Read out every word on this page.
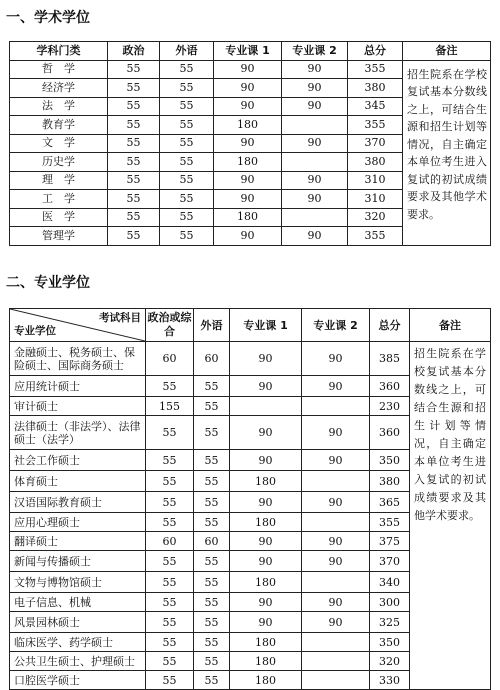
一、学术学位
学科门类	政治	外语	专业课 1	专业课 2	总分	备注
哲　学	55	55	90	90	355	招生院系在学校复试基本分数线之上，可结合生源和招生计划等情况，自主确定本单位考生进入复试的初试成绩要求及其他学术要求。
经济学	55	55	90	90	380	
法　学	55	55	90	90	345	
教育学	55	55	180		355	
文　学	55	55	90	90	370	
历史学	55	55	180		380	
理　学	55	55	90	90	310	
工　学	55	55	90	90	310	
医　学	55	55	180		320	
管理学	55	55	90	90	355	
二、专业学位
考试科目
专业学位	政治或综合	外语	专业课 1	专业课 2	总分	备注
金融硕士、税务硕士、保险硕士、国际商务硕士	60	60	90	90	385	招生院系在学校复试基本分数线之上，可结合生源和招生计划等情况，自主确定本单位考生进入复试的初试成绩要求及其他学术要求。
应用统计硕士	55	55	90	90	360	
审计硕士	155	55			230	
法律硕士（非法学）、法律硕士（法学）	55	55	90	90	360	
社会工作硕士	55	55	90	90	350	
体育硕士	55	55	180		380	
汉语国际教育硕士	55	55	90	90	365	
应用心理硕士	55	55	180		355	
翻译硕士	60	60	90	90	375	
新闻与传播硕士	55	55	90	90	370	
文物与博物馆硕士	55	55	180		340	
电子信息、机械	55	55	90	90	300	
风景园林硕士	55	55	90	90	325	
临床医学、药学硕士	55	55	180		350	
公共卫生硕士、护理硕士	55	55	180		320	
口腔医学硕士	55	55	180		330	
